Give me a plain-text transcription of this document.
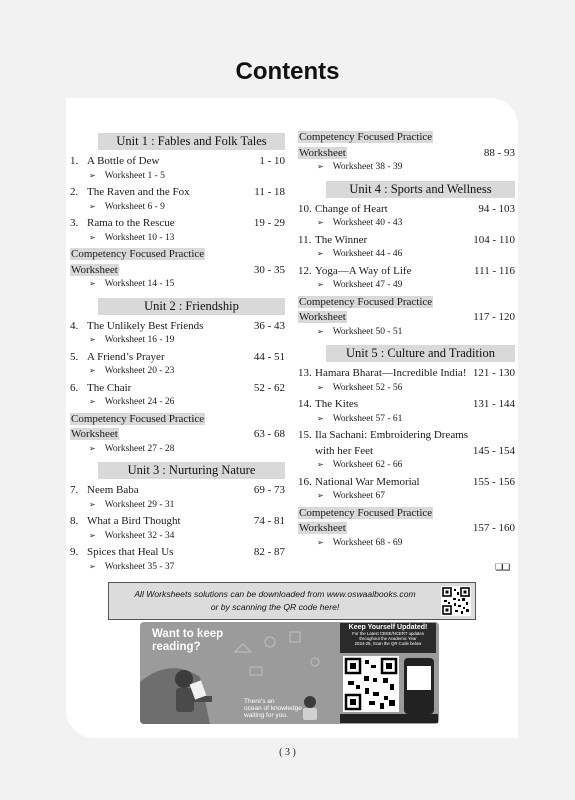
Contents
Unit 1 : Fables and Folk Tales
1. A Bottle of Dew	1 - 10
➢ Worksheet 1 - 5
2. The Raven and the Fox	11 - 18
➢ Worksheet 6 - 9
3. Rama to the Rescue	19 - 29
➢ Worksheet 10 - 13
Competency Focused Practice
Worksheet	30 - 35
➢ Worksheet 14 - 15
Unit 2 : Friendship
4. The Unlikely Best Friends	36 - 43
➢ Worksheet 16 - 19
5. A Friend’s Prayer	44 - 51
➢ Worksheet 20 - 23
6. The Chair	52 - 62
➢ Worksheet 24 - 26
Competency Focused Practice
Worksheet	63 - 68
➢ Worksheet 27 - 28
Unit 3 : Nurturing Nature
7. Neem Baba	69 - 73
➢ Worksheet 29 - 31
8. What a Bird Thought	74 - 81
➢ Worksheet 32 - 34
9. Spices that Heal Us	82 - 87
➢ Worksheet 35 - 37
Competency Focused Practice
Worksheet	88 - 93
➢ Worksheet 38 - 39
Unit 4 : Sports and Wellness
10. Change of Heart	94 - 103
➢ Worksheet 40 - 43
11. The Winner	104 - 110
➢ Worksheet 44 - 46
12. Yoga—A Way of Life	111 - 116
➢ Worksheet 47 - 49
Competency Focused Practice
Worksheet	117 - 120
➢ Worksheet 50 - 51
Unit 5 : Culture and Tradition
13. Hamara Bharat—Incredible India! 121 - 130
➢ Worksheet 52 - 56
14. The Kites	131 - 144
➢ Worksheet 57 - 61
15. Ila Sachani: Embroidering Dreams
with her Feet	145 - 154
➢ Worksheet 62 - 66
16. National War Memorial	155 - 156
➢ Worksheet 67
Competency Focused Practice
Worksheet	157 - 160
➢ Worksheet 68 - 69
❏❏
All Worksheets solutions can be downloaded from www.oswaalbooks.com
or by scanning the QR code here!
Want to keep
reading?
There's an
ocean of knowledge
waiting for you.
Keep Yourself Updated!
For the Latest CBSE/NCERT updates
throughout the Academic Year
2024-25, Scan the QR Code below
( 3 )
